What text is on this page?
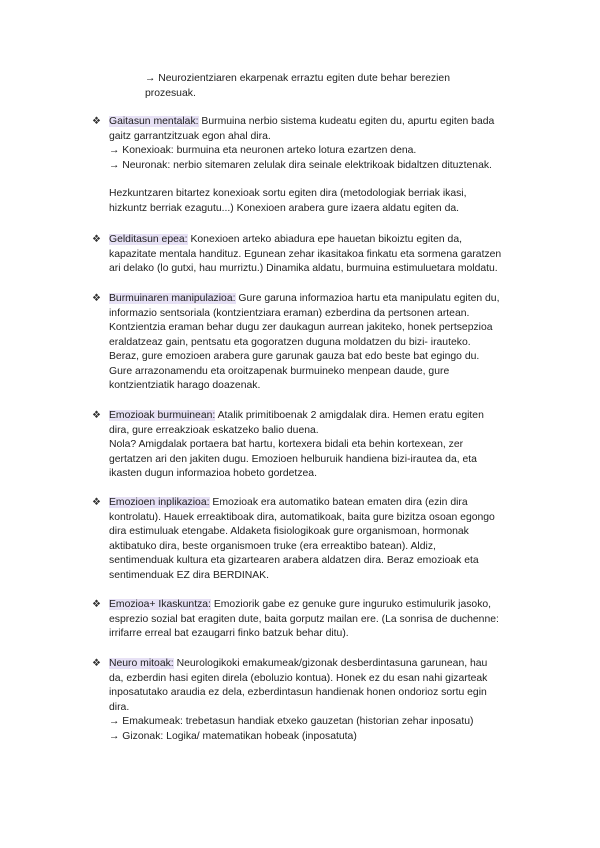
→ Neurozientziaren ekarpenak erraztu egiten dute behar berezien
prozesuak.
❖ Gaitasun mentalak: Burmuina nerbio sistema kudeatu egiten du, apurtu egiten bada
gaitz garrantzitzuak egon ahal dira.
→ Konexioak: burmuina eta neuronen arteko lotura ezartzen dena.
→ Neuronak: nerbio sitemaren zelulak dira seinale elektrikoak bidaltzen dituztenak.
Hezkuntzaren bitartez konexioak sortu egiten dira (metodologiak berriak ikasi,
hizkuntz berriak ezagutu...) Konexioen arabera gure izaera aldatu egiten da.
❖ Gelditasun epea: Konexioen arteko abiadura epe hauetan bikoiztu egiten da,
kapazitate mentala handituz. Egunean zehar ikasitakoa finkatu eta sormena garatzen
ari delako (lo gutxi, hau murriztu.) Dinamika aldatu, burmuina estimuluetara moldatu.
❖ Burmuinaren manipulazioa: Gure garuna informazioa hartu eta manipulatu egiten du,
informazio sentsoriala (kontzientziara eraman) ezberdina da pertsonen artean.
Kontzientzia eraman behar dugu zer daukagun aurrean jakiteko, honek pertsepzioa
eraldatzeaz gain, pentsatu eta gogoratzen duguna moldatzen du bizi- irauteko.
Beraz, gure emozioen arabera gure garunak gauza bat edo beste bat egingo du.
Gure arrazonamendu eta oroitzapenak burmuineko menpean daude, gure
kontzientziatik harago doazenak.
❖ Emozioak burmuinean: Atalik primitiboenak 2 amigdalak dira. Hemen eratu egiten
dira, gure erreakzioak eskatzeko balio duena.
Nola? Amigdalak portaera bat hartu, kortexera bidali eta behin kortexean, zer
gertatzen ari den jakiten dugu. Emozioen helburuik handiena bizi-irautea da, eta
ikasten dugun informazioa hobeto gordetzea.
❖ Emozioen inplikazioa: Emozioak era automatiko batean ematen dira (ezin dira
kontrolatu). Hauek erreaktiboak dira, automatikoak, baita gure bizitza osoan egongo
dira estimuluak etengabe. Aldaketa fisiologikoak gure organismoan, hormonak
aktibatuko dira, beste organismoen truke (era erreaktibo batean). Aldiz,
sentimenduak kultura eta gizartearen arabera aldatzen dira. Beraz emozioak eta
sentimenduak EZ dira BERDINAK.
❖ Emozioa+ Ikaskuntza: Emoziorik gabe ez genuke gure inguruko estimulurik jasoko,
esprezio sozial bat eragiten dute, baita gorputz mailan ere. (La sonrisa de duchenne:
irrifarre erreal bat ezaugarri finko batzuk behar ditu).
❖ Neuro mitoak: Neurologikoki emakumeak/gizonak desberdintasuna garunean, hau
da, ezberdin hasi egiten direla (eboluzio kontua). Honek ez du esan nahi gizarteak
inposatutako araudia ez dela, ezberdintasun handienak honen ondorioz sortu egin
dira.
→ Emakumeak: trebetasun handiak etxeko gauzetan (historian zehar inposatu)
→ Gizonak: Logika/ matematikan hobeak (inposatuta)
